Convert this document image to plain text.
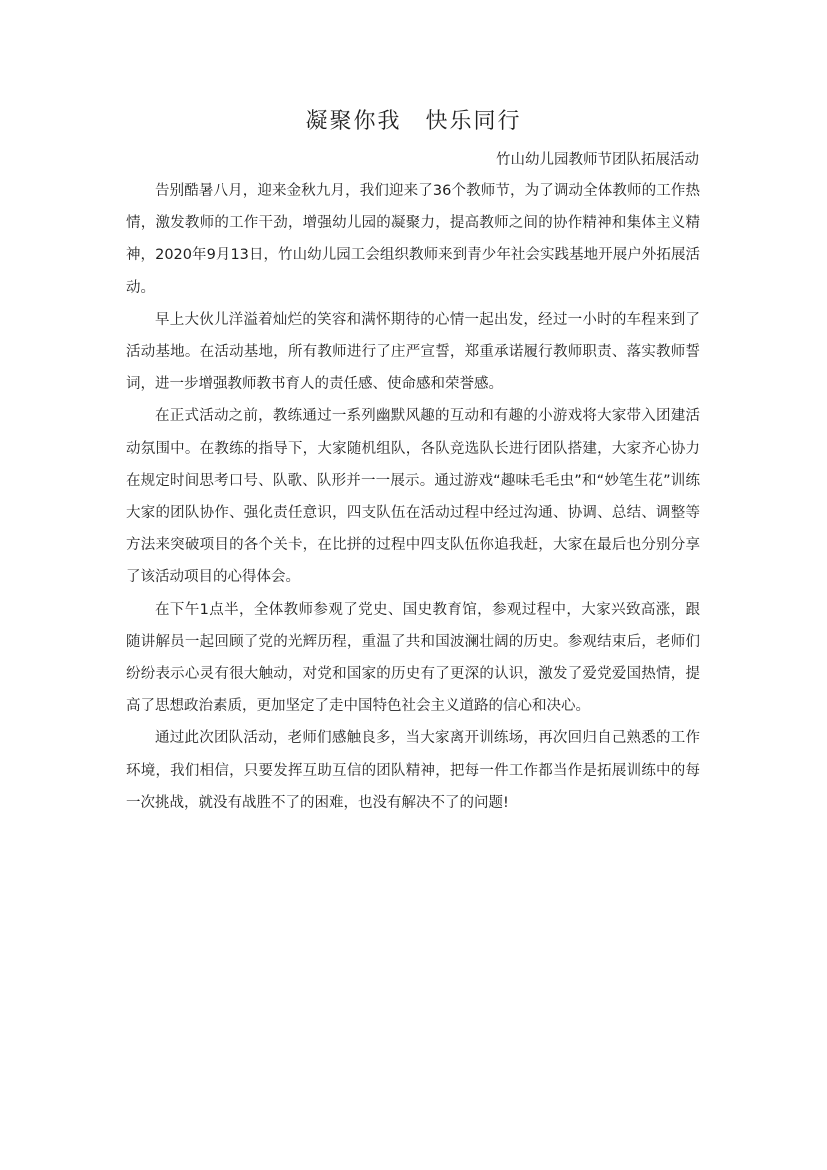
凝聚你我　快乐同行
竹山幼儿园教师节团队拓展活动

告别酷暑八月，迎来金秋九月，我们迎来了36个教师节，为了调动全体教师的工作热情，激发教师的工作干劲，增强幼儿园的凝聚力，提高教师之间的协作精神和集体主义精神，2020年9月13日，竹山幼儿园工会组织教师来到青少年社会实践基地开展户外拓展活动。

早上大伙儿洋溢着灿烂的笑容和满怀期待的心情一起出发，经过一小时的车程来到了活动基地。在活动基地，所有教师进行了庄严宣誓，郑重承诺履行教师职责、落实教师誓词，进一步增强教师教书育人的责任感、使命感和荣誉感。

在正式活动之前，教练通过一系列幽默风趣的互动和有趣的小游戏将大家带入团建活动氛围中。在教练的指导下，大家随机组队，各队竞选队长进行团队搭建，大家齐心协力在规定时间思考口号、队歌、队形并一一展示。通过游戏“趣味毛毛虫”和“妙笔生花”训练大家的团队协作、强化责任意识，四支队伍在活动过程中经过沟通、协调、总结、调整等方法来突破项目的各个关卡，在比拼的过程中四支队伍你追我赶，大家在最后也分别分享了该活动项目的心得体会。

在下午1点半，全体教师参观了党史、国史教育馆，参观过程中，大家兴致高涨，跟随讲解员一起回顾了党的光辉历程，重温了共和国波澜壮阔的历史。参观结束后，老师们纷纷表示心灵有很大触动，对党和国家的历史有了更深的认识，激发了爱党爱国热情，提高了思想政治素质，更加坚定了走中国特色社会主义道路的信心和决心。

通过此次团队活动，老师们感触良多，当大家离开训练场，再次回归自己熟悉的工作环境，我们相信，只要发挥互助互信的团队精神，把每一件工作都当作是拓展训练中的每一次挑战，就没有战胜不了的困难，也没有解决不了的问题!
